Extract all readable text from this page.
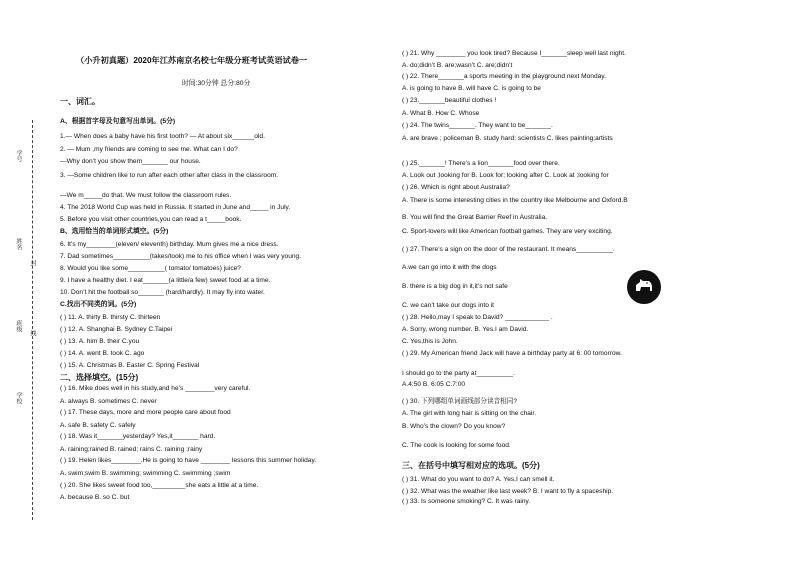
学号
姓名
班级
学校
封
线
（小升初真题）2020年江苏南京名校七年级分班考试英语试卷一
时间:30分钟 总分:80分
一、词汇。
A、根据首字母及句意写出单词。(5分)
1.— When does a baby have his first tooth? — At about six______old.
2. — Mum ,my friends are coming to see me. What can I do?
—Why don’t you show them_______ our house.
3. —Some children like to run after each other after class in the classroom.
—We m_____do that. We must follow the classroom rules.
4. The 2018 World Cup was held in Russia. It started in June and_____ in July.
5. Before you visit other countries,you can read a t_____book.
B、选用恰当的单词形式填空。(5分)
6. It’s my________(eleven/ eleventh) birthday. Mum gives me a nice dress.
7. Dad sometimes__________(takes/took) me to his office when I was very young.
8. Would you like some__________( tomato/ tomatoes) juice?
9. I have a healthy diet. I eat_______(a little/a few) sweet food at a time.
10. Don’t hit the football so_______ (hard/hardly). It may fly into water.
C.找出不同类的词。(5分)
( ) 11. A. thirty B. thirsty C. thirteen
( ) 12. A. Shanghai B. Sydney C.Taipei
( ) 13. A. him B. their C.you
( ) 14. A. went B. took C. ago
( ) 15. A. Christmas B. Easter C. Spring Festival
二、选择填空。(15分)
( ) 16. Mike does well in his study,and he’s ________very careful.
A. always B. sometimes C. never
( ) 17. These days, more and more people care about food
A. safe B. safety C. safely
( ) 18. Was it_______yesterday? Yes,it_______ hard.
A. raining;rained B. rained; rains C. raining ;rainy
( ) 19. Helen likes________.He is going to have ________ lessons this summer holiday.
A. swim;swim B. swimming; swimming C. swimming ;swim
( ) 20. She likes sweet food too,_________she eats a little at a time.
A. because B. so C. but
( ) 21. Why ________ you look tired? Because I_______sleep well last night.
A. do;didn’t B. are;wasn’t C. are;didn’t
( ) 22. There_______a sports meeting in the playground next Monday.
A. is going to have B. will have C. is going to be
( ) 23._______beautiful clothes !
A. What B. How C. Whose
( ) 24. The twins_______. They want to be_______.
A. are brave ; policeman B. study hard; scientists C. likes painting;artists
( ) 25._______! There’s a lion_______food over there.
A. Look out ;looking for B. Look for; looking after C. Look at ;looking for
( ) 26. Which is right about Australia?
A. There is some interesting cities in the country like Melbourne and Oxford.B
B. You will find the Great Barrier Reef in Australia.
C. Sport-lovers will like American football games. They are very exciting.
( ) 27. There’s a sign on the door of the restaurant. It means__________.
A.we can go into it with the dogs
B. there is a big dog in it,it’s not safe
C. we can’t take our dogs into it
( ) 28. Hello,may I speak to David? ____________ .
A. Sorry, wrong number. B. Yes.I am David.
C. Yes,this is John.
( ) 29. My American friend Jack will have a birthday party at 6: 00 tomorrow.
I should go to the party at__________.
A.4:50 B. 6:05 C.7:00
( ) 30. 下列哪组单词画线部分读音相同?
A. The girl with long hair is sitting on the chair.
B. Who’s the clown? Do you know?
C. The cook is looking for some food.
三、在括号中填写相对应的选项。(5分)
( ) 31. What do you want to do? A. Yes,I can smell it.
( ) 32. What was the weather like last week? B. I want to fly a spaceship.
( ) 33. Is someone smoking? C. It was rainy.
